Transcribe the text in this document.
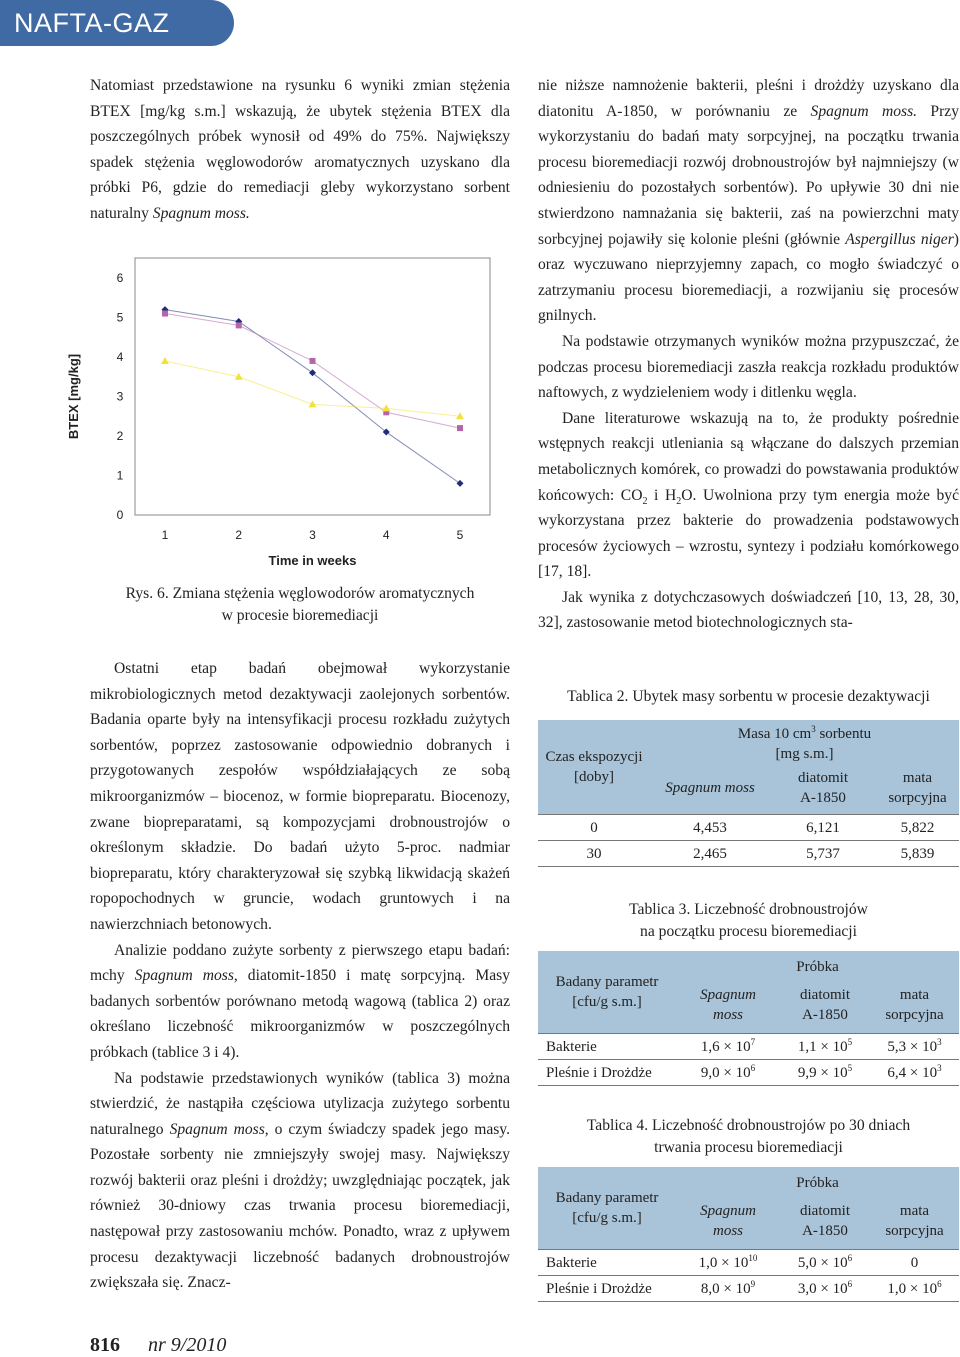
NAFTA-GAZ

Natomiast przedstawione na rysunku 6 wyniki zmian stężenia BTEX [mg/kg s.m.] wskazują, że ubytek stężenia BTEX dla poszczególnych próbek wynosił od 49% do 75%. Największy spadek stężenia węglowodorów aromatycznych uzyskano dla próbki P6, gdzie do remediacji gleby wykorzystano sorbent naturalny Spagnum moss.

0
1
2
3
4
5
6
1	2	3	4	5
Time in weeks
BTEX [mg/kg]
Rys. 6. Zmiana stężenia węglowodorów aromatycznych
w procesie bioremediacji

Ostatni etap badań obejmował wykorzystanie mikrobiologicznych metod dezaktywacji zaolejonych sorbentów. Badania oparte były na intensyfikacji procesu rozkładu zużytych sorbentów, poprzez zastosowanie odpowiednio dobranych i przygotowanych zespołów współdziałających ze sobą mikroorganizmów – biocenoz, w formie biopreparatu. Biocenozy, zwane biopreparatami, są kompozycjami drobnoustrojów o określonym składzie. Do badań użyto 5-proc. nadmiar biopreparatu, który charakteryzował się szybką likwidacją skażeń ropopochodnych w gruncie, wodach gruntowych i na nawierzchniach betonowych.

Analizie poddano zużyte sorbenty z pierwszego etapu badań: mchy Spagnum moss, diatomit-1850 i matę sorpcyjną. Masy badanych sorbentów porównano metodą wagową (tablica 2) oraz określano liczebność mikroorganizmów w poszczególnych próbkach (tablice 3 i 4).

Na podstawie przedstawionych wyników (tablica 3) można stwierdzić, że nastąpiła częściowa utylizacja zużytego sorbentu naturalnego Spagnum moss, o czym świadczy spadek jego masy. Pozostałe sorbenty nie zmniejszyły swojej masy. Największy rozwój bakterii oraz pleśni i drożdży; uwzględniając początek, jak również 30-dniowy czas trwania procesu bioremediacji, następował przy zastosowaniu mchów. Ponadto, wraz z upływem procesu dezaktywacji liczebność badanych drobnoustrojów zwiększała się. Znacz-

nie niższe namnożenie bakterii, pleśni i drożdży uzyskano dla diatonitu A-1850, w porównaniu ze Spagnum moss. Przy wykorzystaniu do badań maty sorpcyjnej, na początku trwania procesu bioremediacji rozwój drobnoustrojów był najmniejszy (w odniesieniu do pozostałych sorbentów). Po upływie 30 dni nie stwierdzono namnażania się bakterii, zaś na powierzchni maty sorbcyjnej pojawiły się kolonie pleśni (głównie Aspergillus niger) oraz wyczuwano nieprzyjemny zapach, co mogło świadczyć o zatrzymaniu procesu bioremediacji, a rozwijaniu się procesów gnilnych.

Na podstawie otrzymanych wyników można przypuszczać, że podczas procesu bioremediacji zaszła reakcja rozkładu produktów naftowych, z wydzieleniem wody i ditlenku węgla.

Dane literaturowe wskazują na to, że produkty pośrednie wstępnych reakcji utleniania są włączane do dalszych przemian metabolicznych komórek, co prowadzi do powstawania produktów końcowych: $CO_2$ i $H_2O$. Uwolniona przy tym energia może być wykorzystana przez bakterie do prowadzenia podstawowych procesów życiowych – wzrostu, syntezy i podziału komórkowego [17, 18].

Jak wynika z dotychczasowych doświadczeń [10, 13, 28, 30, 32], zastosowanie metod biotechnologicznych sta-

Tablica 2. Ubytek masy sorbentu w procesie dezaktywacji
Czas ekspozycji [doby]	Masa 10 $cm^3$ sorbentu
[mg s.m.]		
	Spagnum moss	diatomit
A-1850	mata
sorpcyjna
0	4,453	6,121	5,822
30	2,465	5,737	5,839
Tablica 3. Liczebność drobnoustrojów
na początku procesu bioremediacji
Badany parametr [cfu/g s.m.]	Próbka		
	Spagnum moss	diatomit
A-1850	mata
sorpcyjna
Bakterie	$1,6 \times 10^7$	$1,1 \times 10^5$	$5,3 \times 10^3$
Pleśnie i Drożdże	$9,0 \times 10^6$	$9,9 \times 10^5$	$6,4 \times 10^3$
Tablica 4. Liczebność drobnoustrojów po 30 dniach
trwania procesu bioremediacji
Badany parametr [cfu/g s.m.]	Próbka		
	Spagnum moss	diatomit
A-1850	mata
sorpcyjna
Bakterie	$1,0 \times 10^{10}$	$5,0 \times 10^6$	0
Pleśnie i Drożdże	$8,0 \times 10^9$	$3,0 \times 10^6$	$1,0 \times 10^6$
816 nr 9/2010
